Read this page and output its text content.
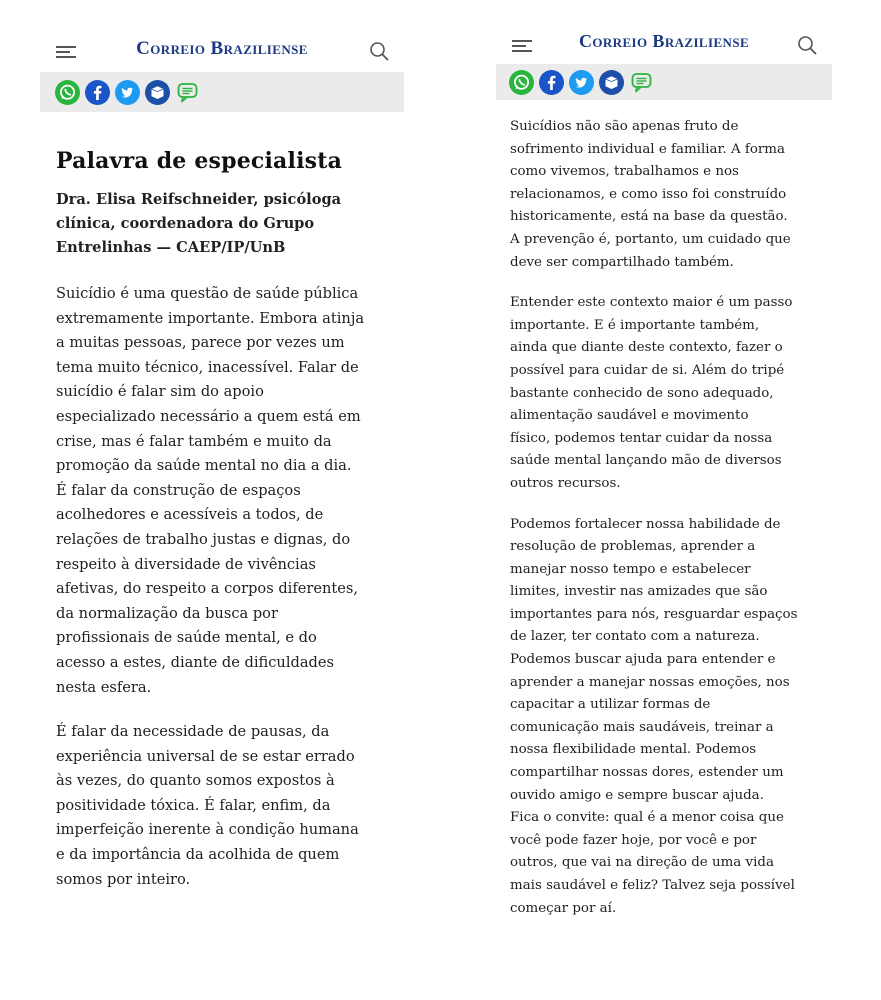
Correio Braziliense
Palavra de especialista
Dra. Elisa Reifschneider, psicóloga
clínica, coordenadora do Grupo
Entrelinhas — CAEP/IP/UnB

Suicídio é uma questão de saúde pública
extremamente importante. Embora atinja
a muitas pessoas, parece por vezes um
tema muito técnico, inacessível. Falar de
suicídio é falar sim do apoio
especializado necessário a quem está em
crise, mas é falar também e muito da
promoção da saúde mental no dia a dia.
É falar da construção de espaços
acolhedores e acessíveis a todos, de
relações de trabalho justas e dignas, do
respeito à diversidade de vivências
afetivas, do respeito a corpos diferentes,
da normalização da busca por
profissionais de saúde mental, e do
acesso a estes, diante de dificuldades
nesta esfera.

É falar da necessidade de pausas, da
experiência universal de se estar errado
às vezes, do quanto somos expostos à
positividade tóxica. É falar, enfim, da
imperfeição inerente à condição humana
e da importância da acolhida de quem
somos por inteiro.

Correio Braziliense

Suicídios não são apenas fruto de
sofrimento individual e familiar. A forma
como vivemos, trabalhamos e nos
relacionamos, e como isso foi construído
historicamente, está na base da questão.
A prevenção é, portanto, um cuidado que
deve ser compartilhado também.

Entender este contexto maior é um passo
importante. E é importante também,
ainda que diante deste contexto, fazer o
possível para cuidar de si. Além do tripé
bastante conhecido de sono adequado,
alimentação saudável e movimento
físico, podemos tentar cuidar da nossa
saúde mental lançando mão de diversos
outros recursos.

Podemos fortalecer nossa habilidade de
resolução de problemas, aprender a
manejar nosso tempo e estabelecer
limites, investir nas amizades que são
importantes para nós, resguardar espaços
de lazer, ter contato com a natureza.
Podemos buscar ajuda para entender e
aprender a manejar nossas emoções, nos
capacitar a utilizar formas de
comunicação mais saudáveis, treinar a
nossa flexibilidade mental. Podemos
compartilhar nossas dores, estender um
ouvido amigo e sempre buscar ajuda.
Fica o convite: qual é a menor coisa que
você pode fazer hoje, por você e por
outros, que vai na direção de uma vida
mais saudável e feliz? Talvez seja possível
começar por aí.
